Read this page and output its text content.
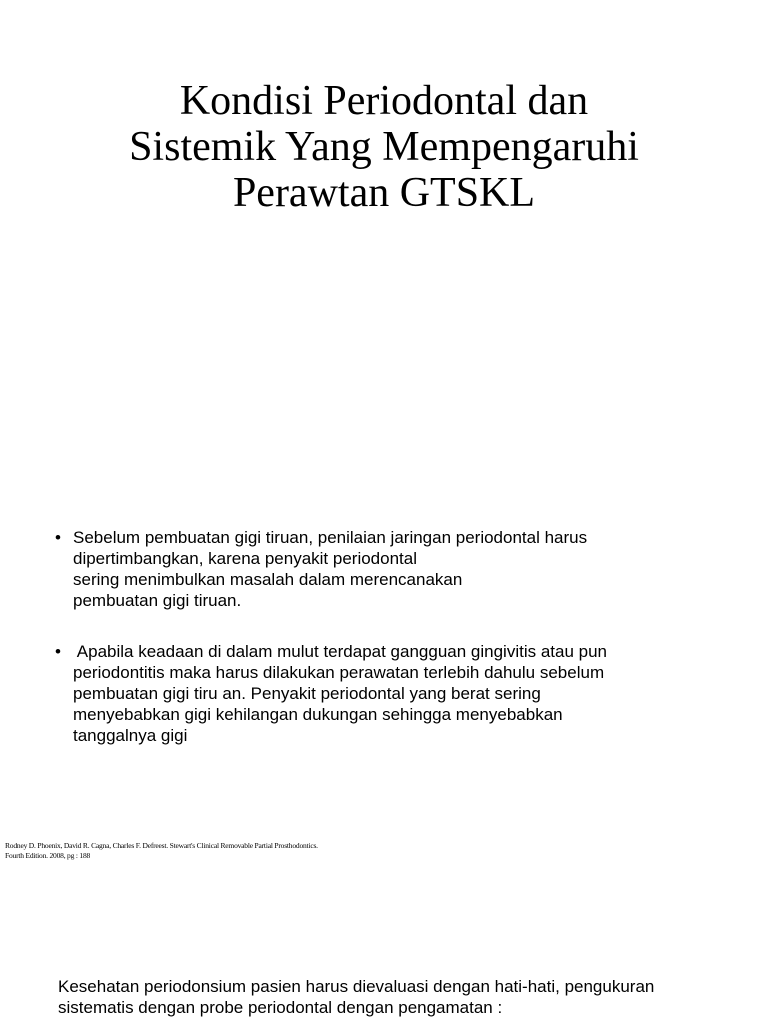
Kondisi Periodontal dan
Sistemik Yang Mempengaruhi
Perawtan GTSKL
• Sebelum pembuatan gigi tiruan, penilaian jaringan periodontal harus
dipertimbangkan, karena penyakit periodontal
sering menimbulkan masalah dalam merencanakan
pembuatan gigi tiruan.
• Apabila keadaan di dalam mulut terdapat gangguan gingivitis atau pun
periodontitis maka harus dilakukan perawatan terlebih dahulu sebelum
pembuatan gigi tiru an. Penyakit periodontal yang berat sering
menyebabkan gigi kehilangan dukungan sehingga menyebabkan
tanggalnya gigi
Rodney D. Phoenix, David R. Cagna, Charles F. Defreest. Stewart's Clinical Removable Partial Prosthodontics.
Fourth Edition. 2008, pg : 188
Kesehatan periodonsium pasien harus dievaluasi dengan hati-hati, pengukuran
sistematis dengan probe periodontal dengan pengamatan :
